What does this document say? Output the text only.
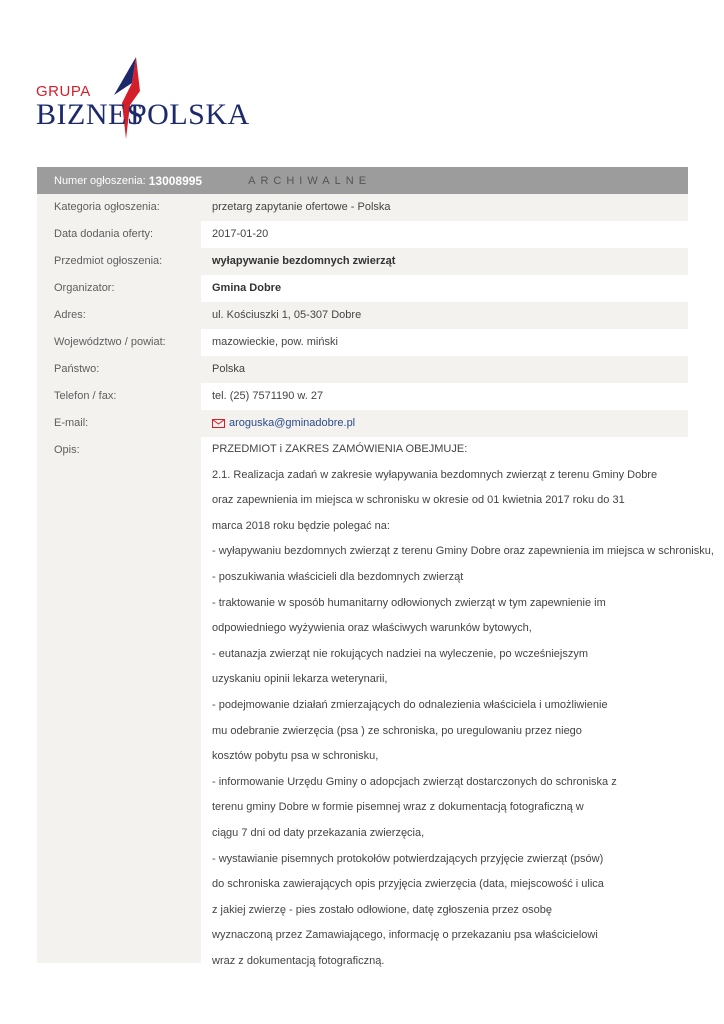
GRUPA
BIZNES
POLSKA
Numer ogłoszenia: 13008995	ARCHIWALNE
Kategoria ogłoszenia:	przetarg zapytanie ofertowe - Polska
Data dodania oferty:	2017-01-20
Przedmiot ogłoszenia:	wyłapywanie bezdomnych zwierząt
Organizator:	Gmina Dobre
Adres:	ul. Kościuszki 1, 05-307 Dobre
Województwo / powiat:	mazowieckie, pow. miński
Państwo:	Polska
Telefon / fax:	tel. (25) 7571190 w. 27
E-mail:	aroguska@gminadobre.pl
Opis:	PRZEDMIOT i ZAKRES ZAMÓWIENIA OBEJMUJE:
2.1. Realizacja zadań w zakresie wyłapywania bezdomnych zwierząt z terenu Gminy Dobre
oraz zapewnienia im miejsca w schronisku w okresie od 01 kwietnia 2017 roku do 31
marca 2018 roku będzie polegać na:
- wyłapywaniu bezdomnych zwierząt z terenu Gminy Dobre oraz zapewnienia im miejsca w schronisku,
- poszukiwania właścicieli dla bezdomnych zwierząt
- traktowanie w sposób humanitarny odłowionych zwierząt w tym zapewnienie im
odpowiedniego wyżywienia oraz właściwych warunków bytowych,
- eutanazja zwierząt nie rokujących nadziei na wyleczenie, po wcześniejszym
uzyskaniu opinii lekarza weterynarii,
- podejmowanie działań zmierzających do odnalezienia właściciela i umożliwienie
mu odebranie zwierzęcia (psa ) ze schroniska, po uregulowaniu przez niego
kosztów pobytu psa w schronisku,
- informowanie Urzędu Gminy o adopcjach zwierząt dostarczonych do schroniska z
terenu gminy Dobre w formie pisemnej wraz z dokumentacją fotograficzną w
ciągu 7 dni od daty przekazania zwierzęcia,
- wystawianie pisemnych protokołów potwierdzających przyjęcie zwierząt (psów)
do schroniska zawierających opis przyjęcia zwierzęcia (data, miejscowość i ulica
z jakiej zwierzę - pies zostało odłowione, datę zgłoszenia przez osobę
wyznaczoną przez Zamawiającego, informację o przekazaniu psa właścicielowi
wraz z dokumentacją fotograficzną.
